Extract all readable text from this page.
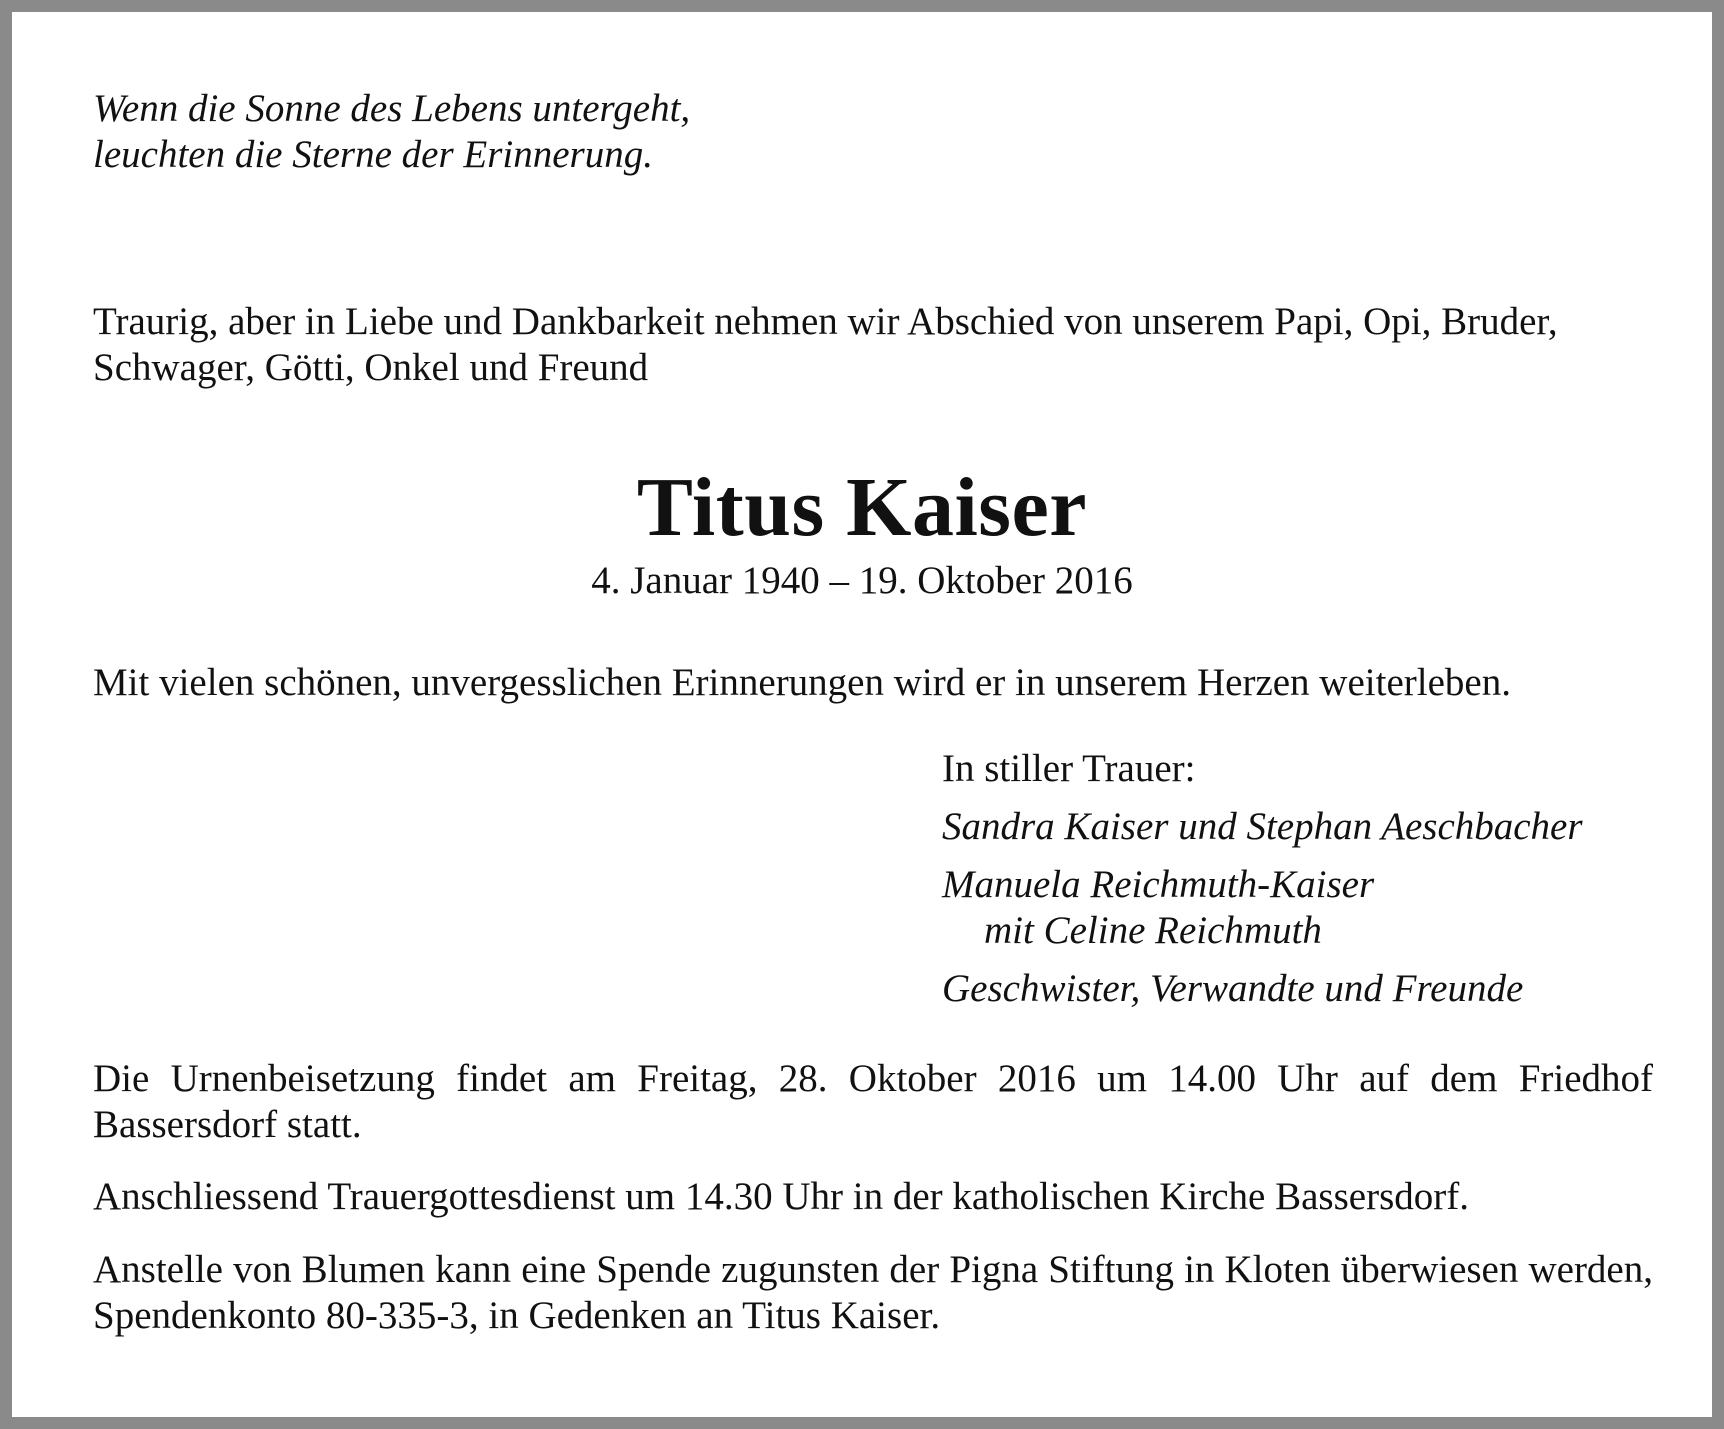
Wenn die Sonne des Lebens untergeht,
leuchten die Sterne der Erinnerung.
Traurig, aber in Liebe und Dankbarkeit nehmen wir Abschied von unserem Papi, Opi, Bruder, Schwager, Götti, Onkel und Freund
Titus Kaiser
4. Januar 1940 – 19. Oktober 2016
Mit vielen schönen, unvergesslichen Erinnerungen wird er in unserem Herzen weiterleben.
In stiller Trauer:
Sandra Kaiser und Stephan Aeschbacher
Manuela Reichmuth-Kaiser
mit Celine Reichmuth
Geschwister, Verwandte und Freunde
Die Urnenbeisetzung findet am Freitag, 28. Oktober 2016 um 14.00 Uhr auf dem Friedhof Bassersdorf statt.
Anschliessend Trauergottesdienst um 14.30 Uhr in der katholischen Kirche Bassersdorf.
Anstelle von Blumen kann eine Spende zugunsten der Pigna Stiftung in Kloten überwiesen werden, Spendenkonto 80-335-3, in Gedenken an Titus Kaiser.
